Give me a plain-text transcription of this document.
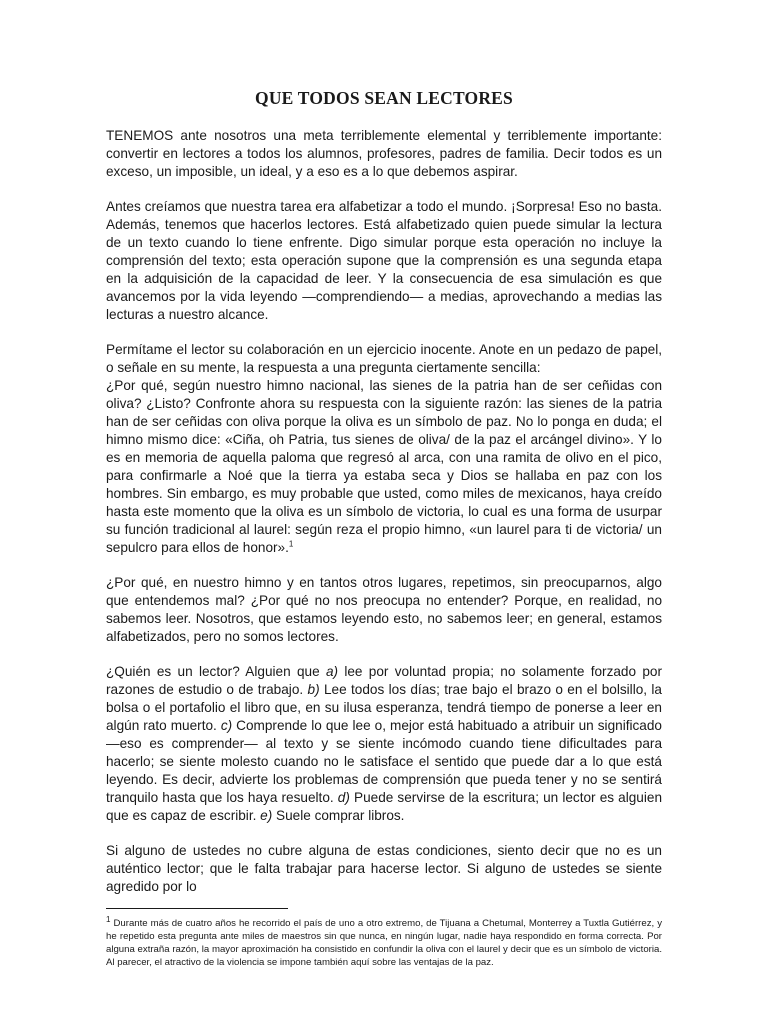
QUE TODOS SEAN LECTORES

TENEMOS ante nosotros una meta terriblemente elemental y terriblemente importante: convertir en lectores a todos los alumnos, profesores, padres de familia. Decir todos es un exceso, un imposible, un ideal, y a eso es a lo que debemos aspirar.

Antes creíamos que nuestra tarea era alfabetizar a todo el mundo. ¡Sorpresa! Eso no basta. Además, tenemos que hacerlos lectores. Está alfabetizado quien puede simular la lectura de un texto cuando lo tiene enfrente. Digo simular porque esta operación no incluye la comprensión del texto; esta operación supone que la comprensión es una segunda etapa en la adquisición de la capacidad de leer. Y la consecuencia de esa simulación es que avancemos por la vida leyendo —comprendiendo— a medias, aprovechando a medias las lecturas a nuestro alcance.

Permítame el lector su colaboración en un ejercicio inocente. Anote en un pedazo de papel, o señale en su mente, la respuesta a una pregunta ciertamente sencilla:

¿Por qué, según nuestro himno nacional, las sienes de la patria han de ser ceñidas con oliva? ¿Listo? Confronte ahora su respuesta con la siguiente razón: las sienes de la patria han de ser ceñidas con oliva porque la oliva es un símbolo de paz. No lo ponga en duda; el himno mismo dice: «Ciña, oh Patria, tus sienes de oliva/ de la paz el arcángel divino». Y lo es en memoria de aquella paloma que regresó al arca, con una ramita de olivo en el pico, para confirmarle a Noé que la tierra ya estaba seca y Dios se hallaba en paz con los hombres. Sin embargo, es muy probable que usted, como miles de mexicanos, haya creído hasta este momento que la oliva es un símbolo de victoria, lo cual es una forma de usurpar su función tradicional al laurel: según reza el propio himno, «un laurel para ti de victoria/ un sepulcro para ellos de honor».$^1$

¿Por qué, en nuestro himno y en tantos otros lugares, repetimos, sin preocuparnos, algo que entendemos mal? ¿Por qué no nos preocupa no entender? Porque, en realidad, no sabemos leer. Nosotros, que estamos leyendo esto, no sabemos leer; en general, estamos alfabetizados, pero no somos lectores.

¿Quién es un lector? Alguien que a) lee por voluntad propia; no solamente forzado por razones de estudio o de trabajo. b) Lee todos los días; trae bajo el brazo o en el bolsillo, la bolsa o el portafolio el libro que, en su ilusa esperanza, tendrá tiempo de ponerse a leer en algún rato muerto. c) Comprende lo que lee o, mejor está habituado a atribuir un significado —eso es comprender— al texto y se siente incómodo cuando tiene dificultades para hacerlo; se siente molesto cuando no le satisface el sentido que puede dar a lo que está leyendo. Es decir, advierte los problemas de comprensión que pueda tener y no se sentirá tranquilo hasta que los haya resuelto. d) Puede servirse de la escritura; un lector es alguien que es capaz de escribir. e) Suele comprar libros.

Si alguno de ustedes no cubre alguna de estas condiciones, siento decir que no es un auténtico lector; que le falta trabajar para hacerse lector. Si alguno de ustedes se siente agredido por lo

$^1$ Durante más de cuatro años he recorrido el país de uno a otro extremo, de Tijuana a Chetumal, Monterrey a Tuxtla Gutiérrez, y he repetido esta pregunta ante miles de maestros sin que nunca, en ningún lugar, nadie haya respondido en forma correcta. Por alguna extraña razón, la mayor aproximación ha consistido en confundir la oliva con el laurel y decir que es un símbolo de victoria. Al parecer, el atractivo de la violencia se impone también aquí sobre las ventajas de la paz.
